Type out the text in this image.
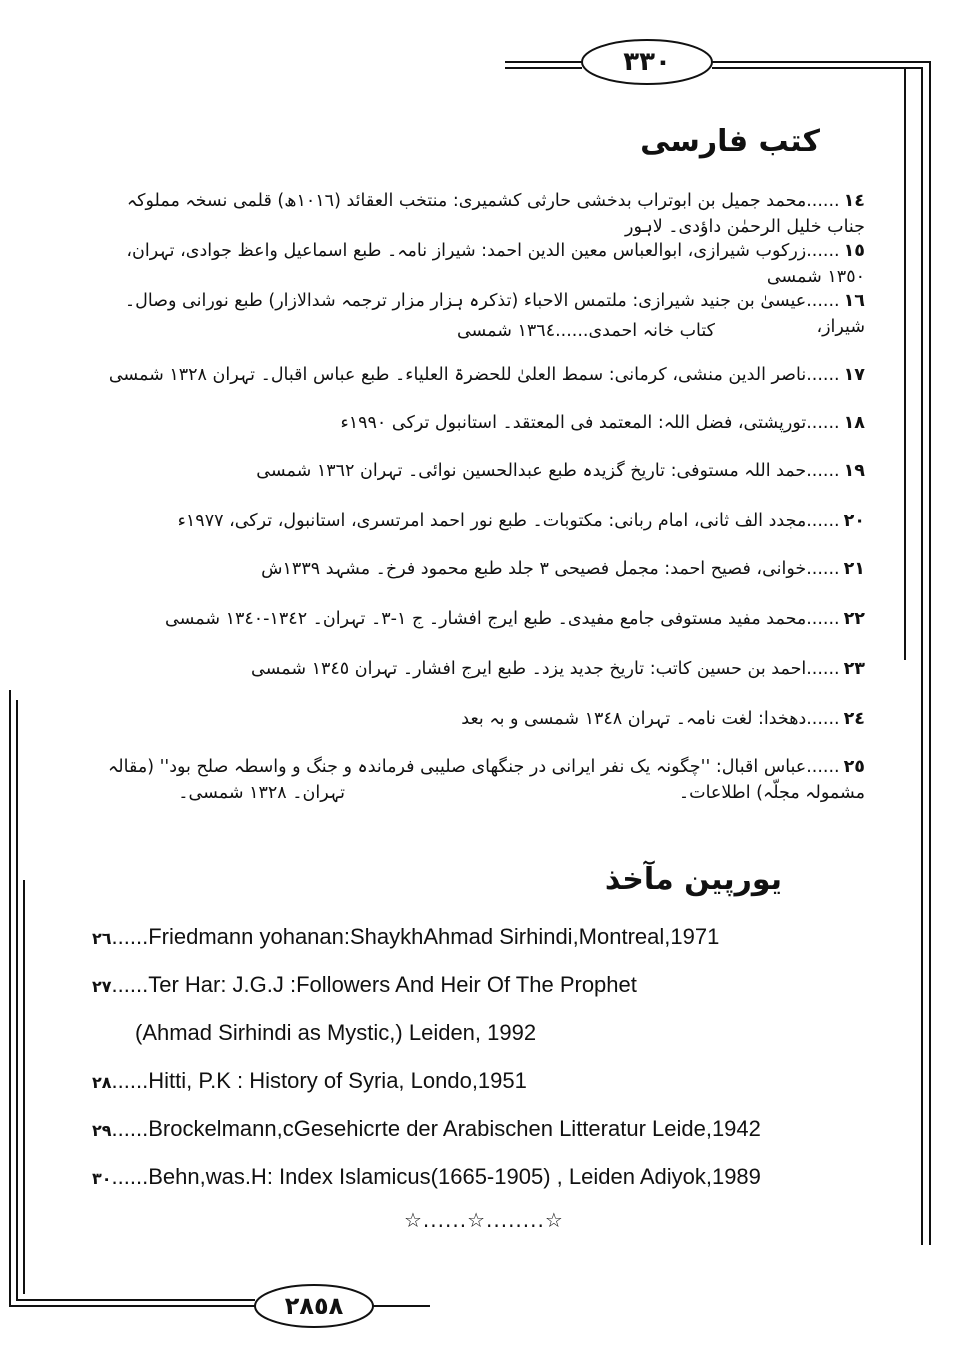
٣٣٠
٢٨٥٨
کتب فارسی

١٤......محمد جمیل بن ابوتراب بدخشی حارثی کشمیری: منتخب العقائد (١٠١٦ھ) قلمی نسخہ مملوکہ جناب خلیل الرحمٰن داؤدی۔ لاہور

١٥......زرکوب شیرازی، ابوالعباس معین الدین احمد: شیراز نامہ۔ طبع اسماعیل واعظ جوادی، تہران، ١٣٥٠ شمسی

١٦......عیسیٰ بن جنید شیرازی: ملتمس الاحباء (تذکرہ ہزار مزار ترجمہ شدالازار) طبع نورانی وصال۔ شیراز،

کتاب خانہ احمدی......١٣٦٤ شمسی

١٧......ناصر الدین منشی، کرمانی: سمط العلیٰ للحضرۃ العلیاء۔ طبع عباس اقبال۔ تہران ١٣٢٨ شمسی

١٨......تورپشتی، فضل اللہ: المعتمد فی المعتقد۔ استانبول ترکی ١٩٩٠ء

١٩......حمد اللہ مستوفی: تاریخ گزیدہ طبع عبدالحسین نوائی۔ تہران ١٣٦٢ شمسی

٢٠......مجدد الف ثانی، امام ربانی: مکتوبات۔ طبع نور احمد امرتسری، استانبول، ترکی، ١٩٧٧ء

٢١......خوانی، فصیح احمد: مجمل فصیحی ٣ جلد طبع محمود فرخ۔ مشہد ١٣٣٩ش

٢٢......محمد مفید مستوفی جامع مفیدی۔ طبع ایرج افشار۔ ج ١-٣۔ تہران۔ ١٣٤٢-١٣٤٠ شمسی

٢٣......احمد بن حسین کاتب: تاریخ جدید یزد۔ طبع ایرج افشار۔ تہران ١٣٤٥ شمسی

٢٤......دھخدا: لغت نامہ۔ تہران ١٣٤٨ شمسی و بہ بعد

٢٥......عباس اقبال: ''چگونہ یک نفر ایرانی در جنگھای صلیبی فرماندہ و جنگ و واسطہ صلح بود'' (مقالہ مشمولہ مجلّہ) اطلاعات۔

تہران۔ ١٣٢٨ شمسی۔

یورپین مآخذ
٢٦......Friedmann yohanan:ShaykhAhmad Sirhindi,Montreal,1971
٢٧......Ter Har: J.G.J :Followers And Heir Of The Prophet
(Ahmad Sirhindi as Mystic,) Leiden, 1992
٢٨......Hitti, P.K : History of Syria, Londo,1951
٢٩......Brockelmann,cGesehicrte der Arabischen Litteratur Leide,1942
٣٠......Behn,was.H: Index Islamicus(1665-1905) , Leiden Adiyok,1989
☆......☆........☆
